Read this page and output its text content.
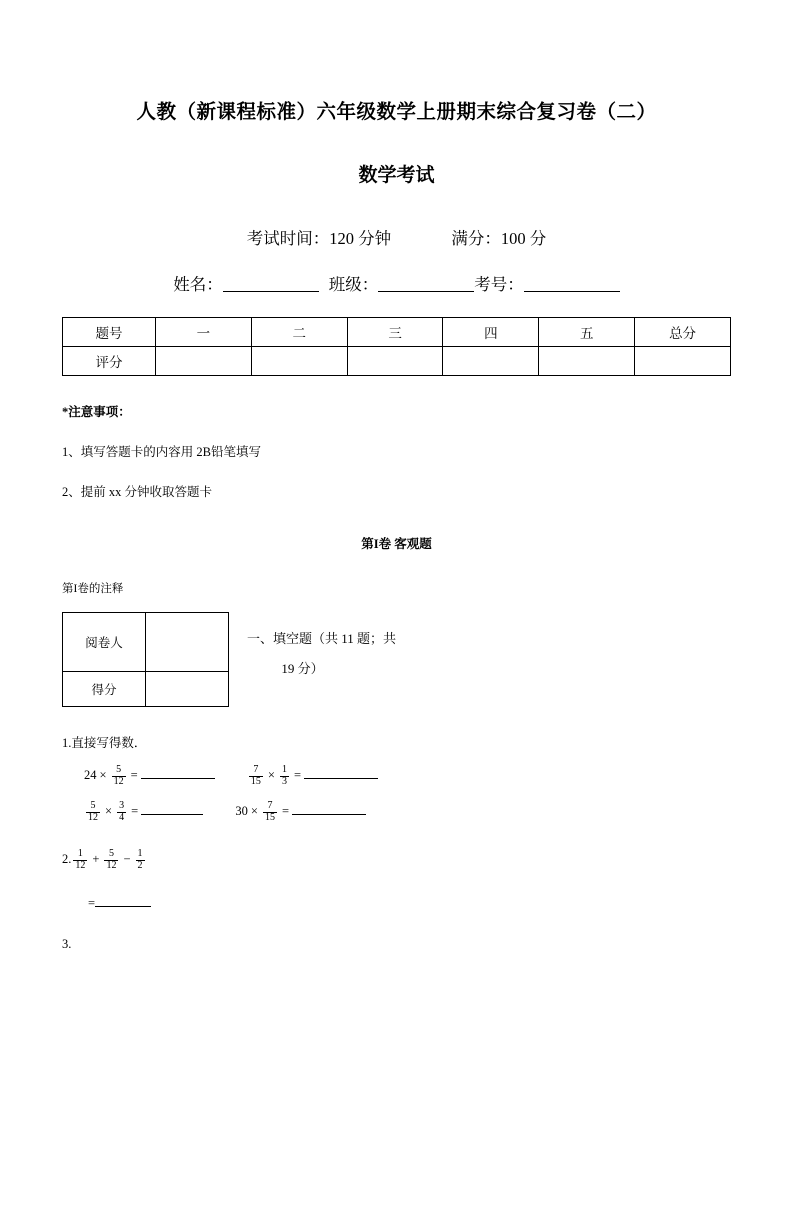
人教（新课程标准）六年级数学上册期末综合复习卷（二）
数学考试
考试时间：120 分钟	满分：100 分
姓名：	班级：	考号：
题号	一	二	三	四	五	总分
评分						
*注意事项：
1、填写答题卡的内容用 2B铅笔填写
2、提前 xx 分钟收取答题卡
第I卷 客观题
第I卷的注释
阅卷人	
得分	
一、填空题（共 11 题；共
19 分）
1.直接写得数．
$24 \times \frac{5}{12}$ =	$\frac{7}{15} \times \frac{1}{3}$ =
$\frac{5}{12} \times \frac{3}{4}$ =	$30 \times \frac{7}{15}$ =
2. $\frac{1}{12} + \frac{5}{12} - \frac{1}{2}$
=
3.
